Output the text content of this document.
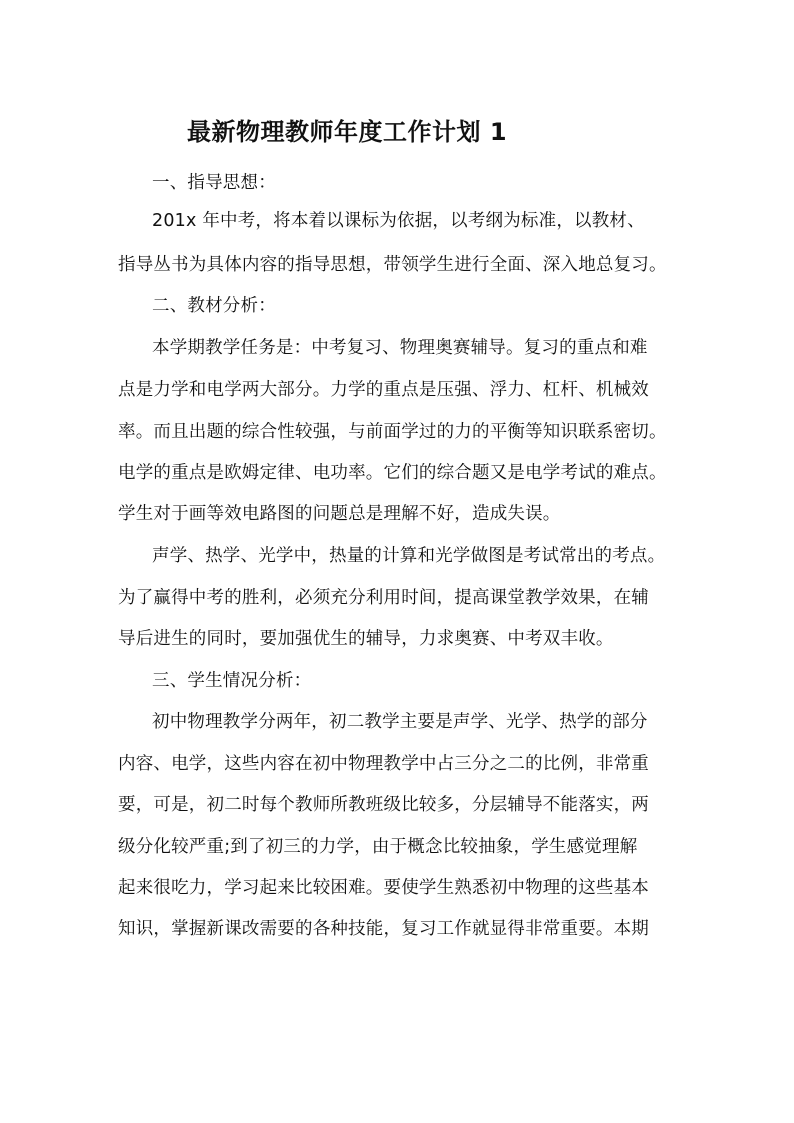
最新物理教师年度工作计划 1
一、指导思想：
201x 年中考，将本着以课标为依据，以考纲为标准，以教材、
指导丛书为具体内容的指导思想，带领学生进行全面、深入地总复习。
二、教材分析：
本学期教学任务是：中考复习、物理奥赛辅导。复习的重点和难
点是力学和电学两大部分。力学的重点是压强、浮力、杠杆、机械效
率。而且出题的综合性较强，与前面学过的力的平衡等知识联系密切。
电学的重点是欧姆定律、电功率。它们的综合题又是电学考试的难点。
学生对于画等效电路图的问题总是理解不好，造成失误。
声学、热学、光学中，热量的计算和光学做图是考试常出的考点。
为了赢得中考的胜利，必须充分利用时间，提高课堂教学效果，在辅
导后进生的同时，要加强优生的辅导，力求奥赛、中考双丰收。
三、学生情况分析：
初中物理教学分两年，初二教学主要是声学、光学、热学的部分
内容、电学，这些内容在初中物理教学中占三分之二的比例，非常重
要，可是，初二时每个教师所教班级比较多，分层辅导不能落实，两
级分化较严重;到了初三的力学，由于概念比较抽象，学生感觉理解
起来很吃力，学习起来比较困难。要使学生熟悉初中物理的这些基本
知识，掌握新课改需要的各种技能，复习工作就显得非常重要。本期
